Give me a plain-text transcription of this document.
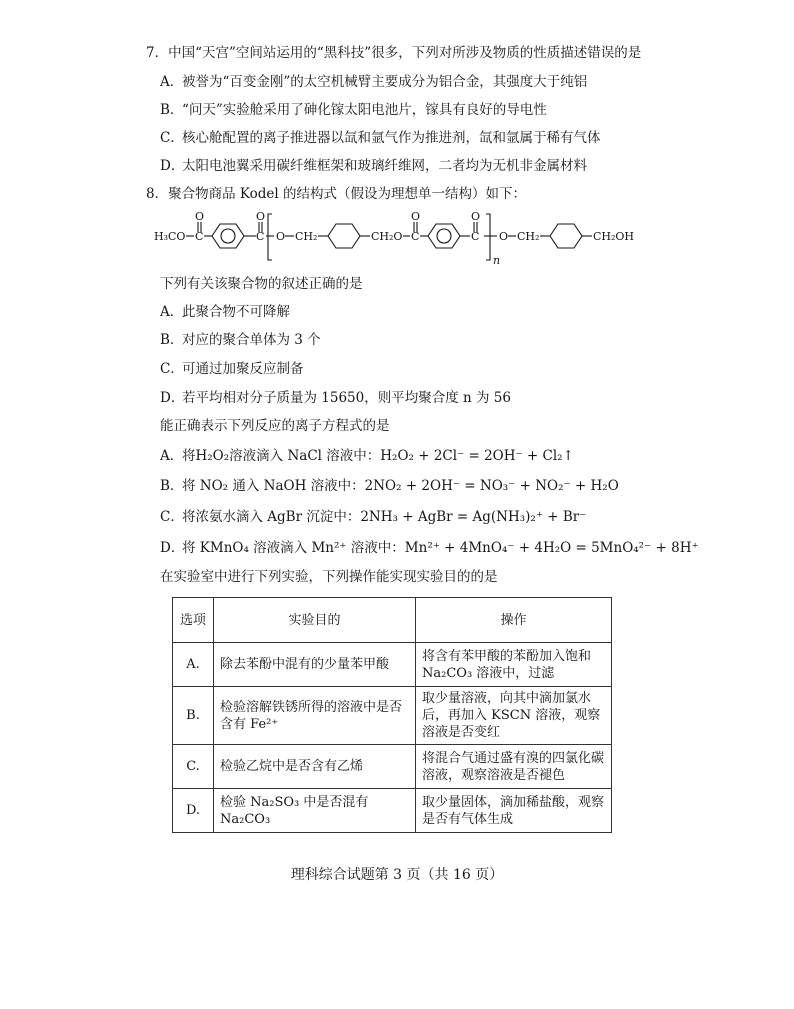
7．中国“天宫”空间站运用的“黑科技”很多，下列对所涉及物质的性质描述错误的是
A．被誉为“百变金刚”的太空机械臂主要成分为铝合金，其强度大于纯铝
B．“问天”实验舱采用了砷化镓太阳电池片，镓具有良好的导电性
C．核心舱配置的离子推进器以氙和氩气作为推进剂，氙和氩属于稀有气体
D．太阳电池翼采用碳纤维框架和玻璃纤维网，二者均为无机非金属材料
8．聚合物商品 Kodel 的结构式（假设为理想单一结构）如下：
H₃CO
O
C
O
C O CH₂	CH₂O
O
C
O
C
n
O CH₂	CH₂OH
下列有关该聚合物的叙述正确的是
A．此聚合物不可降解
B．对应的聚合单体为 3 个
C．可通过加聚反应制备
D．若平均相对分子质量为 15650，则平均聚合度 n 为 56
能正确表示下列反应的离子方程式的是
A．将H₂O₂溶液滴入 NaCl 溶液中：H₂O₂ + 2Cl⁻ = 2OH⁻ + Cl₂↑
B．将 NO₂ 通入 NaOH 溶液中：2NO₂ + 2OH⁻ = NO₃⁻ + NO₂⁻ + H₂O
C．将浓氨水滴入 AgBr 沉淀中：2NH₃ + AgBr = Ag(NH₃)₂⁺ + Br⁻
D．将 KMnO₄ 溶液滴入 Mn²⁺ 溶液中：Mn²⁺ + 4MnO₄⁻ + 4H₂O = 5MnO₄²⁻ + 8H⁺
在实验室中进行下列实验，下列操作能实现实验目的的是
选项	实验目的	操作
A.	除去苯酚中混有的少量苯甲酸	将含有苯甲酸的苯酚加入饱和 Na₂CO₃ 溶液中，过滤
B.	检验溶解铁锈所得的溶液中是否含有 Fe²⁺	取少量溶液，向其中滴加氯水后，再加入 KSCN 溶液，观察溶液是否变红
C.	检验乙烷中是否含有乙烯	将混合气通过盛有溴的四氯化碳溶液，观察溶液是否褪色
D.	检验 Na₂SO₃ 中是否混有 Na₂CO₃	取少量固体，滴加稀盐酸，观察是否有气体生成
理科综合试题第 3 页（共 16 页）
